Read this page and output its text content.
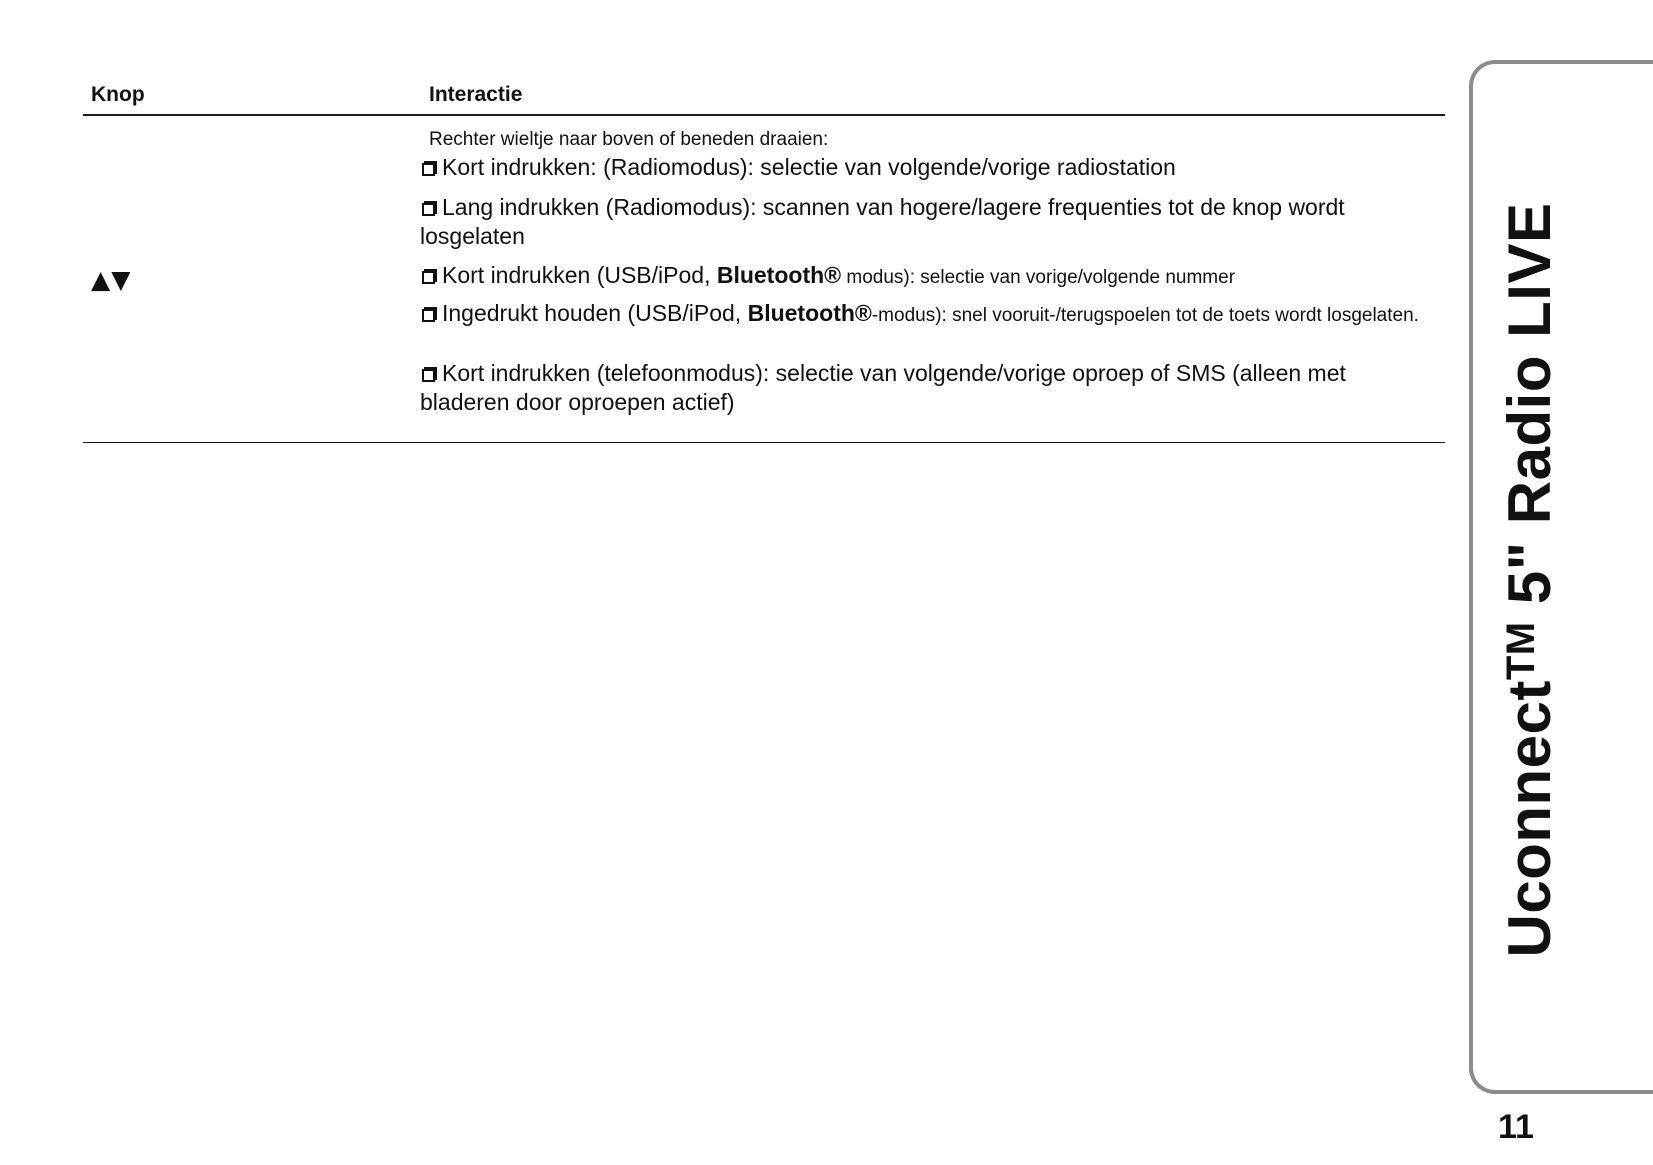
Knop	Interactie
▲▼
Rechter wieltje naar boven of beneden draaien:
Kort indrukken: (Radiomodus): selectie van volgende/vorige radiostation
Lang indrukken (Radiomodus): scannen van hogere/lagere frequenties tot de knop wordt losgelaten
Kort indrukken (USB/iPod, Bluetooth® modus): selectie van vorige/volgende nummer
Ingedrukt houden (USB/iPod, Bluetooth®-modus): snel vooruit-/terugspoelen tot de toets wordt losgelaten.
Kort indrukken (telefoonmodus): selectie van volgende/vorige oproep of SMS (alleen met bladeren door oproepen actief)
Uconnect™ 5" Radio LIVE
11
